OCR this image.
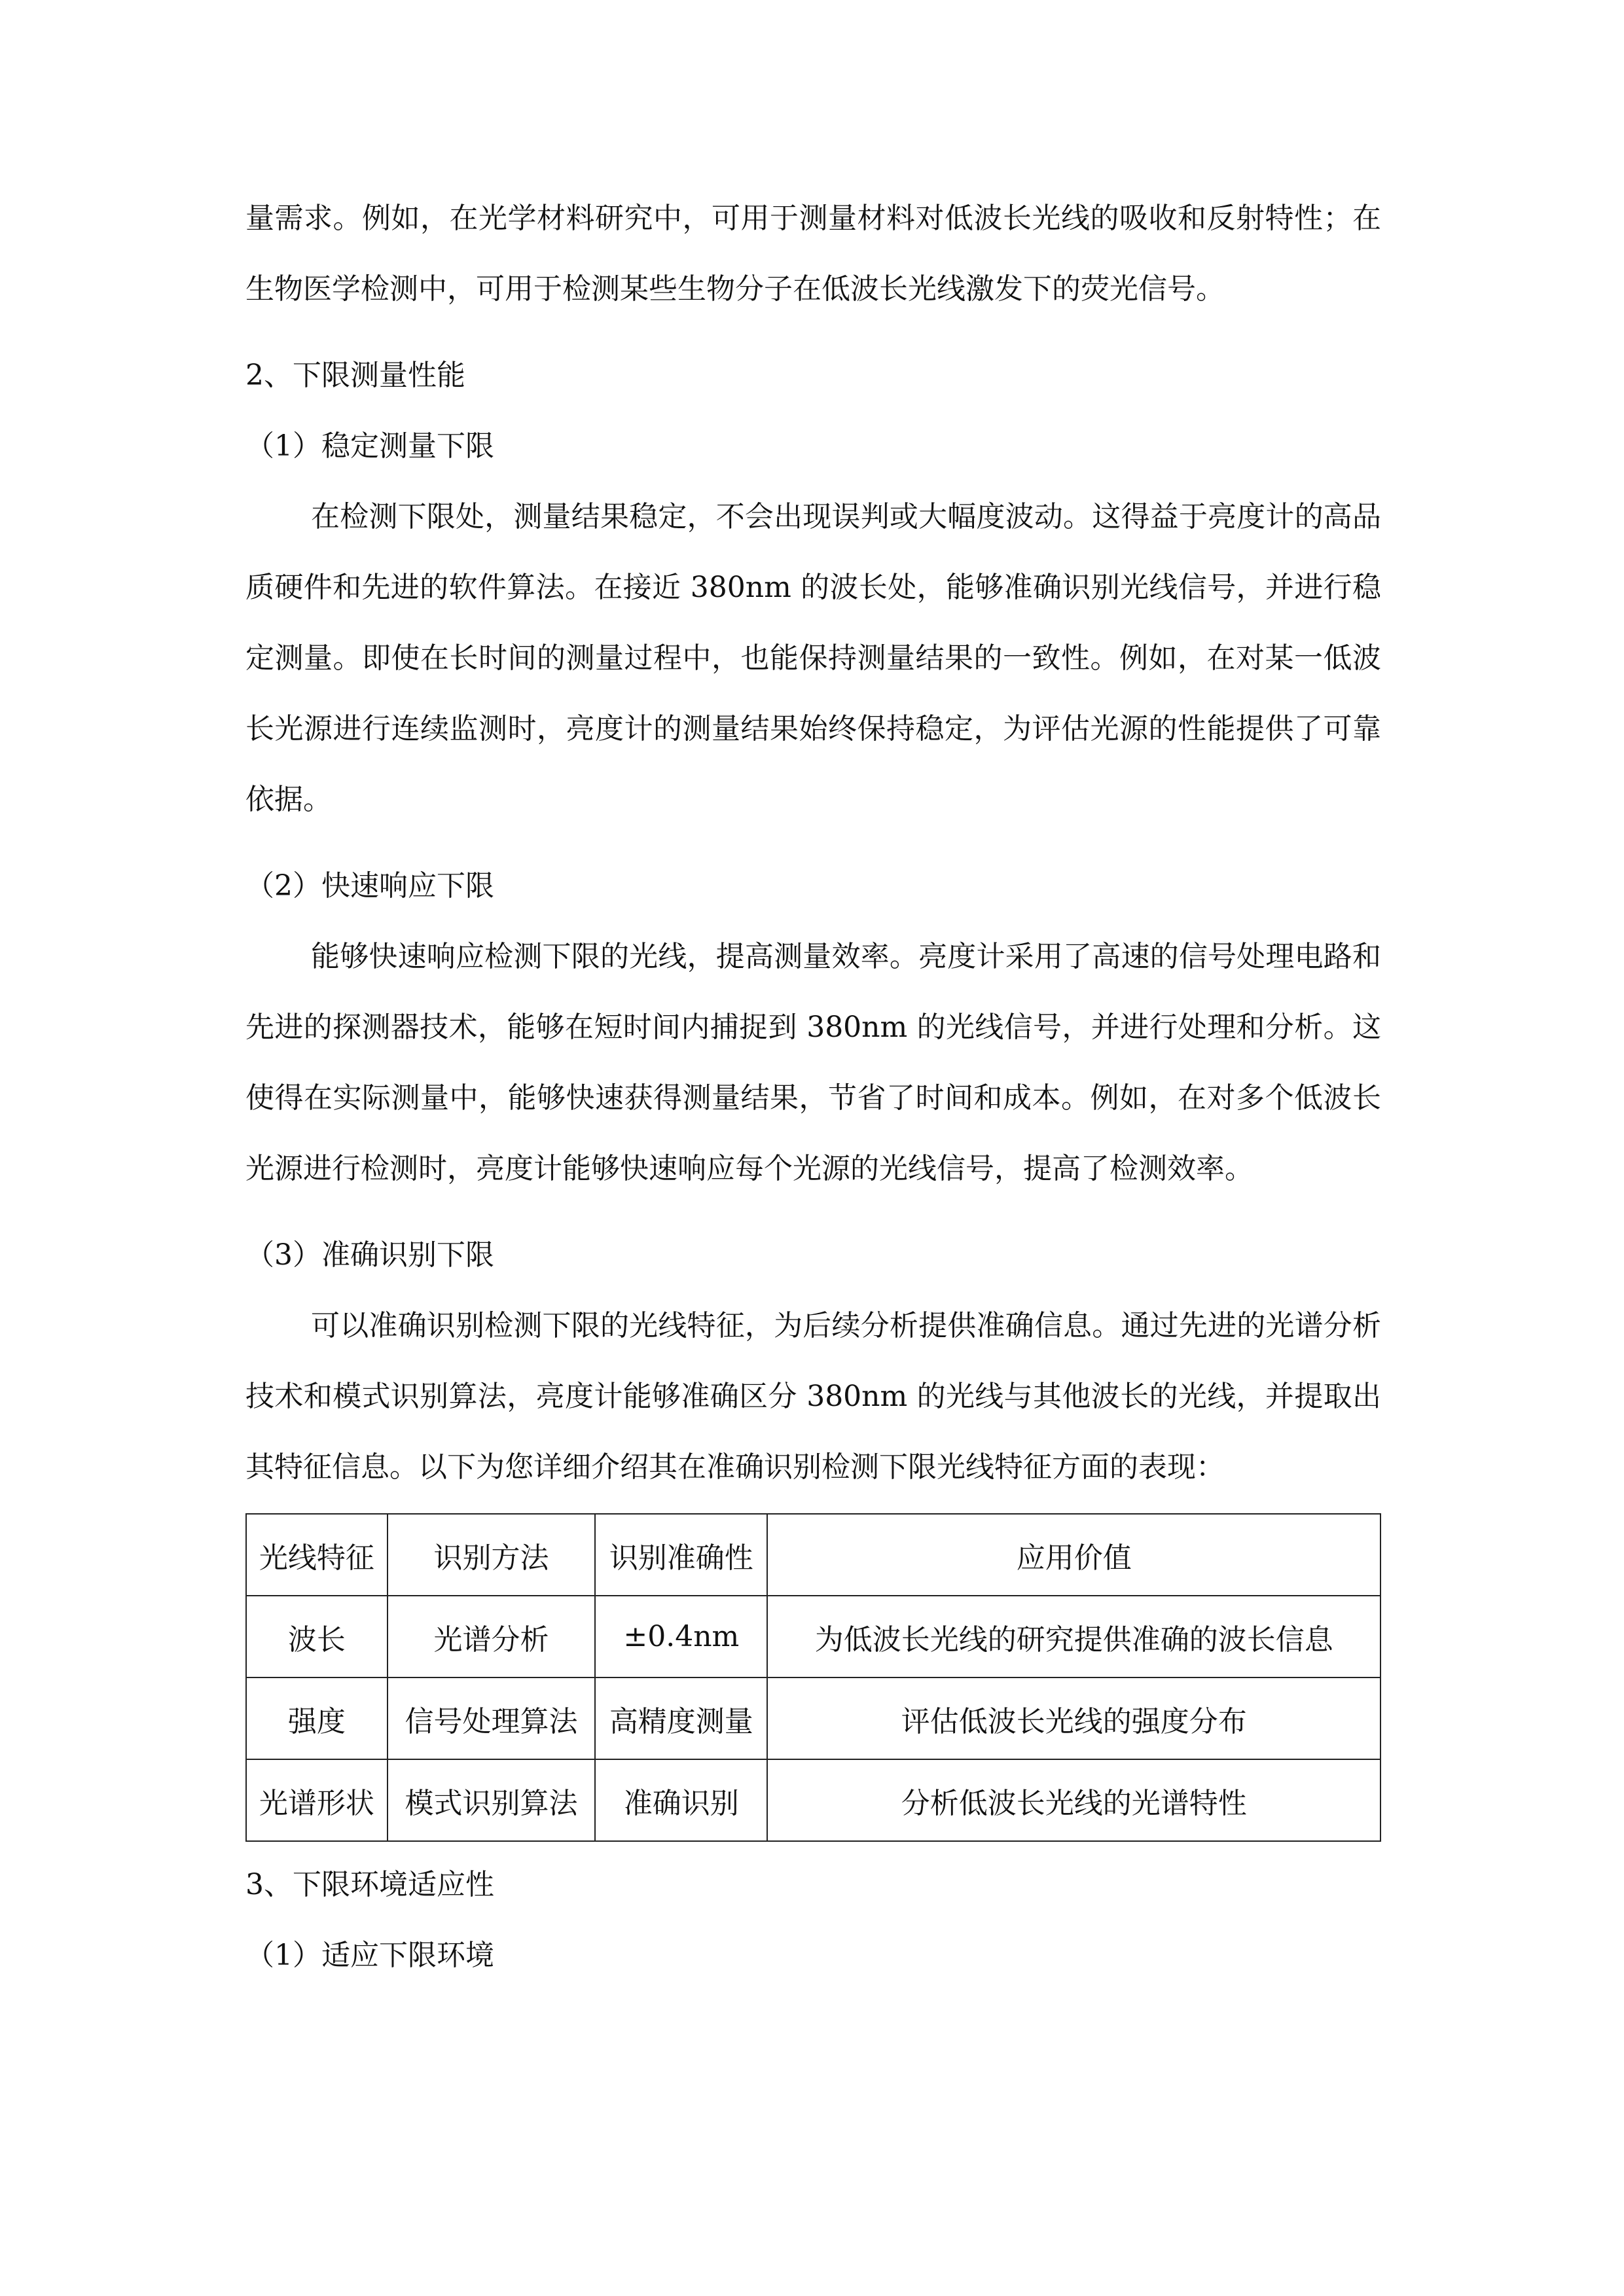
量需求。例如，在光学材料研究中，可用于测量材料对低波长光线的吸收和反射特性；在生物医学检测中，可用于检测某些生物分子在低波长光线激发下的荧光信号。

2、下限测量性能

（1）稳定测量下限

在检测下限处，测量结果稳定，不会出现误判或大幅度波动。这得益于亮度计的高品质硬件和先进的软件算法。在接近 380nm 的波长处，能够准确识别光线信号，并进行稳定测量。即使在长时间的测量过程中，也能保持测量结果的一致性。例如，在对某一低波长光源进行连续监测时，亮度计的测量结果始终保持稳定，为评估光源的性能提供了可靠依据。

（2）快速响应下限

能够快速响应检测下限的光线，提高测量效率。亮度计采用了高速的信号处理电路和先进的探测器技术，能够在短时间内捕捉到 380nm 的光线信号，并进行处理和分析。这使得在实际测量中，能够快速获得测量结果，节省了时间和成本。例如，在对多个低波长光源进行检测时，亮度计能够快速响应每个光源的光线信号，提高了检测效率。

（3）准确识别下限

可以准确识别检测下限的光线特征，为后续分析提供准确信息。通过先进的光谱分析技术和模式识别算法，亮度计能够准确区分 380nm 的光线与其他波长的光线，并提取出其特征信息。以下为您详细介绍其在准确识别检测下限光线特征方面的表现：

光线特征	识别方法	识别准确性	应用价值
波长	光谱分析	±0.4nm	为低波长光线的研究提供准确的波长信息
强度	信号处理算法	高精度测量	评估低波长光线的强度分布
光谱形状	模式识别算法	准确识别	分析低波长光线的光谱特性

3、下限环境适应性

（1）适应下限环境
